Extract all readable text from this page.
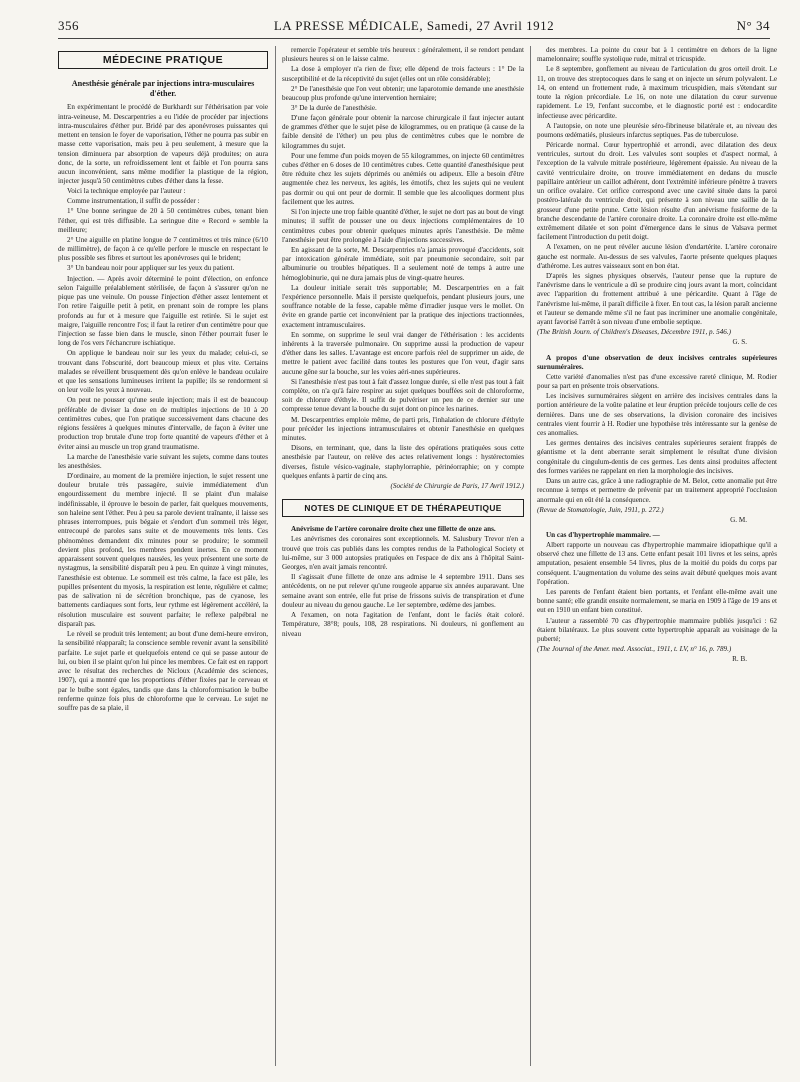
356	LA PRESSE MÉDICALE, Samedi, 27 Avril 1912	N° 34
MÉDECINE PRATIQUE
Anesthésie générale par injections intra-musculaires d'éther.

En expérimentant le procédé de Burkhardt sur l'éthérisation par voie intra-veineuse, M. Descarpentries a eu l'idée de procéder par injections intra-musculaires d'éther pur. Bridé par des aponévroses puissantes qui mettent en tension le foyer de vaporisation, l'éther ne pourra pas subir en masse cette vaporisation, mais peu à peu seulement, à mesure que la tension diminuera par absorption de vapeurs déjà produites; on aura donc, de la sorte, un refroidissement lent et faible et l'on pourra sans aucun inconvénient, sans même modifier la plastique de la région, injecter jusqu'à 50 centimètres cubes d'éther dans la fesse.

Voici la technique employée par l'auteur :

Comme instrumentation, il suffit de posséder :

1° Une bonne seringue de 20 à 50 centimètres cubes, tenant bien l'éther, qui est très diffusible. La seringue dite « Record » semble la meilleure;

2° Une aiguille en platine longue de 7 centimètres et très mince (6/10 de millimètre), de façon à ce qu'elle perfore le muscle en respectant le plus possible ses fibres et surtout les aponévroses qui le brident;

3° Un bandeau noir pour appliquer sur les yeux du patient.

Injection. — Après avoir déterminé le point d'élection, on enfonce selon l'aiguille préalablement stérilisée, de façon à s'assurer qu'on ne pique pas une veinule. On pousse l'injection d'éther assez lentement et l'on retire l'aiguille petit à petit, en prenant soin de rompre les plans profonds au fur et à mesure que l'aiguille est retirée. Si le sujet est maigre, l'aiguille rencontre l'os; il faut la retirer d'un centimètre pour que l'injection se fasse bien dans le muscle, sinon l'éther pourrait fuser le long de l'os vers l'échancrure ischiatique.

On applique le bandeau noir sur les yeux du malade; celui-ci, se trouvant dans l'obscurité, dort beaucoup mieux et plus vite. Certains malades se réveillent brusquement dès qu'on enlève le bandeau oculaire et que les sensations lumineuses irritent la pupille; ils se rendorment si on leur voile les yeux à nouveau.

On peut ne pousser qu'une seule injection; mais il est de beaucoup préférable de diviser la dose en de multiples injections de 10 à 20 centimètres cubes, que l'on pratique successivement dans chacune des régions fessières à quelques minutes d'intervalle, de façon à éviter une production trop brutale d'une trop forte quantité de vapeurs d'éther et à éviter ainsi au muscle un trop grand traumatisme.

La marche de l'anesthésie varie suivant les sujets, comme dans toutes les anesthésies.

D'ordinaire, au moment de la première injection, le sujet ressent une douleur brutale très passagère, suivie immédiatement d'un engourdissement du membre injecté. Il se plaint d'un malaise indéfinissable, il éprouve le besoin de parler, fait quelques mouvements, son haleine sent l'éther. Peu à peu sa parole devient traînante, il laisse ses phrases interrompues, puis bégaie et s'endort d'un sommeil très léger, entrecoupé de paroles sans suite et de mouvements très lents. Ces phénomènes demandent dix minutes pour se produire; le sommeil devient plus profond, les membres pendent inertes. En ce moment apparaissent souvent quelques nausées, les yeux présentent une sorte de nystagmus, la sensibilité disparaît peu à peu. En quinze à vingt minutes, l'anesthésie est obtenue. Le sommeil est très calme, la face est pâle, les pupilles présentent du myosis, la respiration est lente, régulière et calme; pas de salivation ni de sécrétion bronchique, pas de cyanose, les battements cardiaques sont forts, leur rythme est légèrement accéléré, la résolution musculaire est souvent parfaite; le reflexe palpébral ne disparaît pas.

Le réveil se produit très lentement; au bout d'une demi-heure environ, la sensibilité réapparaît; la conscience semble revenir avant la sensibilité parfaite. Le sujet parle et quelquefois entend ce qui se passe autour de lui, ou bien il se plaint qu'on lui pince les membres. Ce fait est en rapport avec le résultat des recherches de Nicloux (Académie des sciences, 1907), qui a montré que les proportions d'éther fixées par le cerveau et par le bulbe sont égales, tandis que dans la chloroformisation le bulbe renferme quinze fois plus de chloroforme que le cerveau. Le sujet ne souffre pas de sa plaie, il

remercie l'opérateur et semble très heureux : généralement, il se rendort pendant plusieurs heures si on le laisse calme.

La dose à employer n'a rien de fixe; elle dépend de trois facteurs : 1° De la susceptibilité et de la réceptivité du sujet (elles ont un rôle considérable);

2° De l'anesthésie que l'on veut obtenir; une laparotomie demande une anesthésie beaucoup plus profonde qu'une intervention herniaire;

3° De la durée de l'anesthésie.

D'une façon générale pour obtenir la narcose chirurgicale il faut injecter autant de grammes d'éther que le sujet pèse de kilogrammes, ou en pratique (à cause de la faible densité de l'éther) un peu plus de centimètres cubes que le nombre de kilogrammes du sujet.

Pour une femme d'un poids moyen de 55 kilogrammes, on injecte 60 centimètres cubes d'éther en 6 doses de 10 centimètres cubes. Cette quantité d'anesthésique peut être réduite chez les sujets déprimés ou anémiés ou adipeux. Elle a besoin d'être augmentée chez les nerveux, les agités, les émotifs, chez les sujets qui ne veulent pas dormir ou qui ont peur de dormir. Il semble que les alcooliques dorment plus facilement que les autres.

Si l'on injecte une trop faible quantité d'éther, le sujet ne dort pas au bout de vingt minutes; il suffit de pousser une ou deux injections complémentaires de 10 centimètres cubes pour obtenir quelques minutes après l'anesthésie. De même l'anesthésie peut être prolongée à l'aide d'injections successives.

En agissant de la sorte, M. Descarpentries n'a jamais provoqué d'accidents, soit par intoxication générale immédiate, soit par pneumonie secondaire, soit par albuminurie ou troubles hépatiques. Il a seulement noté de temps à autre une hémoglobinurie, qui ne dura jamais plus de vingt-quatre heures.

La douleur initiale serait très supportable; M. Descarpentries en a fait l'expérience personnelle. Mais il persiste quelquefois, pendant plusieurs jours, une souffrance notable de la fesse, capable même d'irradier jusque vers le mollet. On évite en grande partie cet inconvénient par la pratique des injections tractionnées, exactement intramusculaires.

En somme, on supprime le seul vrai danger de l'éthérisation : les accidents inhérents à la traversée pulmonaire. On supprime aussi la production de vapeur d'éther dans les salles. L'avantage est encore parfois réel de supprimer un aide, de mettre le patient avec facilité dans toutes les postures que l'on veut, d'agir sans aucune gêne sur la bouche, sur les voies aéri-nnes supérieures.

Si l'anesthésie n'est pas tout à fait d'assez longue durée, si elle n'est pas tout à fait complète, on n'a qu'à faire respirer au sujet quelques bouffées soit de chloroforme, soit de chlorure d'éthyle. Il suffit de pulvériser un peu de ce dernier sur une compresse tenue devant la bouche du sujet dont on pince les narines.

M. Descarpentries emploie même, de parti pris, l'inhalation de chlorure d'éthyle pour précéder les injections intramusculaires et obtenir l'anesthésie en quelques minutes.

Disons, en terminant, que, dans la liste des opérations pratiquées sous cette anesthésie par l'auteur, on relève des actes relativement longs : hystérectomies diverses, fistule vésico-vaginale, staphylorraphie, périnéorraphie; on y compte quelques enfants à partir de cinq ans.

(Société de Chirurgie de Paris, 17 Avril 1912.)

NOTES DE CLINIQUE ET DE THÉRAPEUTIQUE

Anévrisme de l'artère coronaire droite chez une fillette de onze ans.

Les anévrismes des coronaires sont exceptionnels. M. Salusbury Trevor n'en a trouvé que trois cas publiés dans les comptes rendus de la Pathological Society et lui-même, sur 3 000 autopsies pratiquées en l'espace de dix ans à l'hôpital Saint-Georges, n'en avait jamais rencontré.

Il s'agissait d'une fillette de onze ans admise le 4 septembre 1911. Dans ses antécédents, on ne put relever qu'une rougeole apparue six années auparavant. Une semaine avant son entrée, elle fut prise de frissons suivis de transpiration et d'une douleur au niveau du genou gauche. Le 1er septembre, œdème des jambes.

A l'examen, on nota l'agitation de l'enfant, dont le faciès était coloré. Température, 38°8; pouls, 108, 28 respirations. Ni douleurs, ni gonflement au niveau

des membres. La pointe du cœur bat à 1 centimètre en dehors de la ligne mamelonnaire; souffle systolique rude, mitral et tricuspide.

Le 8 septembre, gonflement au niveau de l'articulation du gros orteil droit. Le 11, on trouve des streptocoques dans le sang et on injecte un sérum polyvalent. Le 14, on entend un frottement rude, à maximum tricuspidien, mais s'étendant sur toute la région précordiale. Le 16, on note une dilatation du cœur survenue rapidement. Le 19, l'enfant succombe, et le diagnostic porté est : endocardite infectieuse avec péricardite.

A l'autopsie, on note une pleurésie séro-fibrineuse bilatérale et, au niveau des poumons œdématiés, plusieurs infarctus septiques. Pas de tuberculose.

Péricarde normal. Cœur hypertrophié et arrondi, avec dilatation des deux ventricules, surtout du droit. Les valvules sont souples et d'aspect normal, à l'exception de la valvule mitrale postérieure, légèrement épaissie. Au niveau de la cavité ventriculaire droite, on trouve immédiatement en dedans du muscle papillaire antérieur un caillot adhérent, dont l'extrémité inférieure pénètre à travers un orifice ovalaire. Cet orifice correspond avec une cavité située dans la paroi postéro-latérale du ventricule droit, qui présente à son niveau une saillie de la grosseur d'une petite prune. Cette lésion résulte d'un anévrisme fusiforme de la branche descendante de l'artère coronaire droite. La coronaire droite est elle-même extrêmement dilatée et son point d'émergence dans le sinus de Valsava permet facilement l'introduction du petit doigt.

A l'examen, on ne peut révéler aucune lésion d'endartérite. L'artère coronaire gauche est normale. Au-dessus de ses valvules, l'aorte présente quelques plaques d'athérome. Les autres vaisseaux sont en bon état.

D'après les signes physiques observés, l'auteur pense que la rupture de l'anévrisme dans le ventricule a dû se produire cinq jours avant la mort, coïncidant avec l'apparition du frottement attribué à une péricardite. Quant à l'âge de l'anévrisme lui-même, il paraît difficile à fixer. En tout cas, la lésion paraît ancienne et l'auteur se demande même s'il ne faut pas incriminer une anomalie congénitale, ayant favorisé l'arrêt à son niveau d'une embolie septique.

(The British Journ. of Children's Diseases, Décembre 1911, p. 546.)

G. S.

A propos d'une observation de deux incisives centrales supérieures surnuméraires.

Cette variété d'anomalies n'est pas d'une excessive rareté clinique, M. Rodier pour sa part en présente trois observations.

Les incisives surnuméraires siègent en arrière des incisives centrales dans la portion antérieure de la voûte palatine et leur éruption précède toujours celle de ces dernières. Dans une de ses observations, la division coronaire des incisives centrales vient fourrir à H. Rodier une hypothèse très intéressante sur la genèse de ces anomalies.

Les germes dentaires des incisives centrales supérieures seraient frappés de géantisme et la dent aberrante serait simplement le résultat d'une division congénitale du cingulum-dentis de ces germes. Les dents ainsi produites affectent des formes variées ne rappelant en rien la morphologie des incisives.

Dans un autre cas, grâce à une radiographie de M. Belot, cette anomalie put être reconnue à temps et permettre de prévenir par un traitement approprié l'occlusion anormale qui en eût été la conséquence.

(Revue de Stomatologie, Juin, 1911, p. 272.)

G. M.

Un cas d'hypertrophie mammaire. —

Albert rapporte un nouveau cas d'hypertrophie mammaire idiopathique qu'il a observé chez une fillette de 13 ans. Cette enfant pesait 101 livres et les seins, après amputation, pesaient ensemble 54 livres, plus de la moitié du poids du corps par conséquent. L'augmentation du volume des seins avait débuté quelques mois avant l'opération.

Les parents de l'enfant étaient bien portants, et l'enfant elle-même avait une bonne santé; elle grandit ensuite normalement, se maria en 1909 à l'âge de 19 ans et eut en 1910 un enfant bien constitué.

L'auteur a rassemblé 70 cas d'hypertrophie mammaire publiés jusqu'ici : 62 étaient bilatéraux. Le plus souvent cette hypertrophie apparaît au voisinage de la puberté;

(The Journal of the Amer. med. Associat., 1911, t. LV, n° 16, p. 789.)

R. B.
